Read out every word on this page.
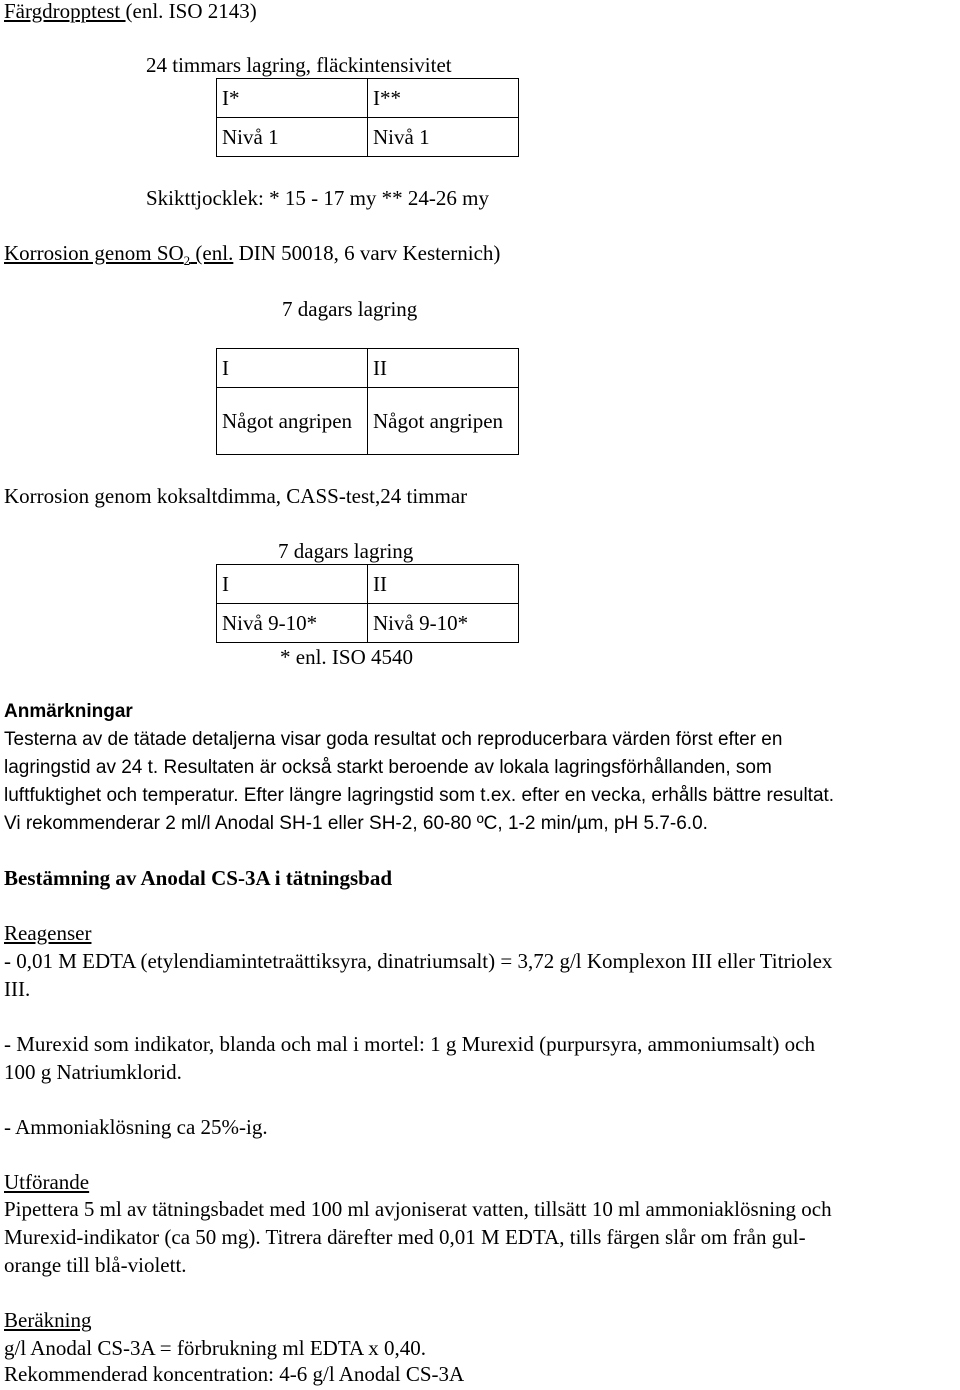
Färgdropptest (enl. ISO 2143)
24 timmars lagring, fläckintensivitet
I*	I**
Nivå 1	Nivå 1
Skikttjocklek: * 15 - 17 my ** 24-26 my
Korrosion genom $SO_2$ (enl. DIN 50018, 6 varv Kesternich)
7 dagars lagring
I	II
Något angripen	Något angripen
Korrosion genom koksaltdimma, CASS-test,24 timmar
7 dagars lagring
I	II
Nivå 9-10*	Nivå 9-10*
* enl. ISO 4540
Anmärkningar
Testerna av de tätade detaljerna visar goda resultat och reproducerbara värden först efter en
lagringstid av 24 t. Resultaten är också starkt beroende av lokala lagringsförhållanden, som
luftfuktighet och temperatur. Efter längre lagringstid som t.ex. efter en vecka, erhålls bättre resultat.
Vi rekommenderar 2 ml/l Anodal SH-1 eller SH-2, 60-80 ºC, 1-2 min/µm, pH 5.7-6.0.
Bestämning av Anodal CS-3A i tätningsbad
Reagenser
- 0,01 M EDTA (etylendiamintetraättiksyra, dinatriumsalt) = 3,72 g/l Komplexon III eller Titriolex
III.
- Murexid som indikator, blanda och mal i mortel: 1 g Murexid (purpursyra, ammoniumsalt) och
100 g Natriumklorid.
- Ammoniaklösning ca 25%-ig.
Utförande
Pipettera 5 ml av tätningsbadet med 100 ml avjoniserat vatten, tillsätt 10 ml ammoniaklösning och
Murexid-indikator (ca 50 mg). Titrera därefter med 0,01 M EDTA, tills färgen slår om från gul-
orange till blå-violett.
Beräkning
g/l Anodal CS-3A = förbrukning ml EDTA x 0,40.
Rekommenderad koncentration: 4-6 g/l Anodal CS-3A
